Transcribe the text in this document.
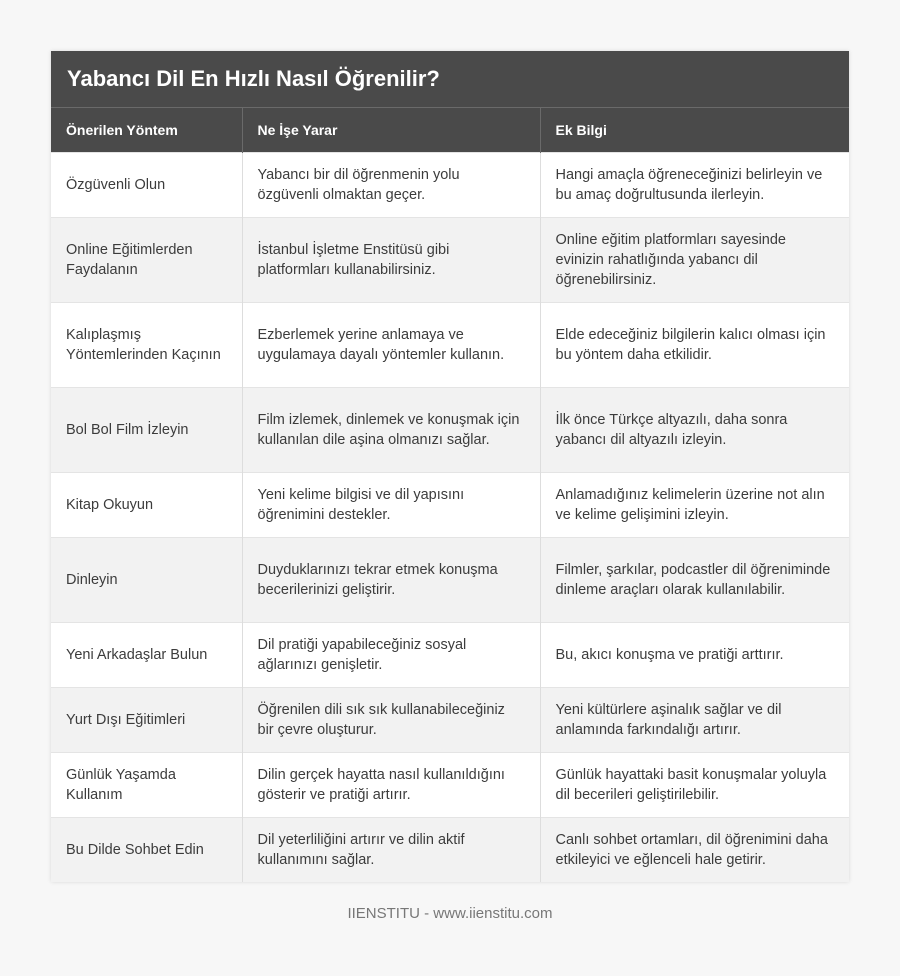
Yabancı Dil En Hızlı Nasıl Öğrenilir?
Önerilen Yöntem	Ne İşe Yarar	Ek Bilgi
Özgüvenli Olun	Yabancı bir dil öğrenmenin yolu özgüvenli olmaktan geçer.	Hangi amaçla öğreneceğinizi belirleyin ve bu amaç doğrultusunda ilerleyin.
Online Eğitimlerden Faydalanın	İstanbul İşletme Enstitüsü gibi platformları kullanabilirsiniz.	Online eğitim platformları sayesinde evinizin rahatlığında yabancı dil öğrenebilirsiniz.
Kalıplaşmış Yöntemlerinden Kaçının	Ezberlemek yerine anlamaya ve uygulamaya dayalı yöntemler kullanın.	Elde edeceğiniz bilgilerin kalıcı olması için bu yöntem daha etkilidir.
Bol Bol Film İzleyin	Film izlemek, dinlemek ve konuşmak için kullanılan dile aşina olmanızı sağlar.	İlk önce Türkçe altyazılı, daha sonra yabancı dil altyazılı izleyin.
Kitap Okuyun	Yeni kelime bilgisi ve dil yapısını öğrenimini destekler.	Anlamadığınız kelimelerin üzerine not alın ve kelime gelişimini izleyin.
Dinleyin	Duyduklarınızı tekrar etmek konuşma becerilerinizi geliştirir.	Filmler, şarkılar, podcastler dil öğreniminde dinleme araçları olarak kullanılabilir.
Yeni Arkadaşlar Bulun	Dil pratiği yapabileceğiniz sosyal ağlarınızı genişletir.	Bu, akıcı konuşma ve pratiği arttırır.
Yurt Dışı Eğitimleri	Öğrenilen dili sık sık kullanabileceğiniz bir çevre oluşturur.	Yeni kültürlere aşinalık sağlar ve dil anlamında farkındalığı artırır.
Günlük Yaşamda Kullanım	Dilin gerçek hayatta nasıl kullanıldığını gösterir ve pratiği artırır.	Günlük hayattaki basit konuşmalar yoluyla dil becerileri geliştirilebilir.
Bu Dilde Sohbet Edin	Dil yeterliliğini artırır ve dilin aktif kullanımını sağlar.	Canlı sohbet ortamları, dil öğrenimini daha etkileyici ve eğlenceli hale getirir.
IIENSTITU - www.iienstitu.com
